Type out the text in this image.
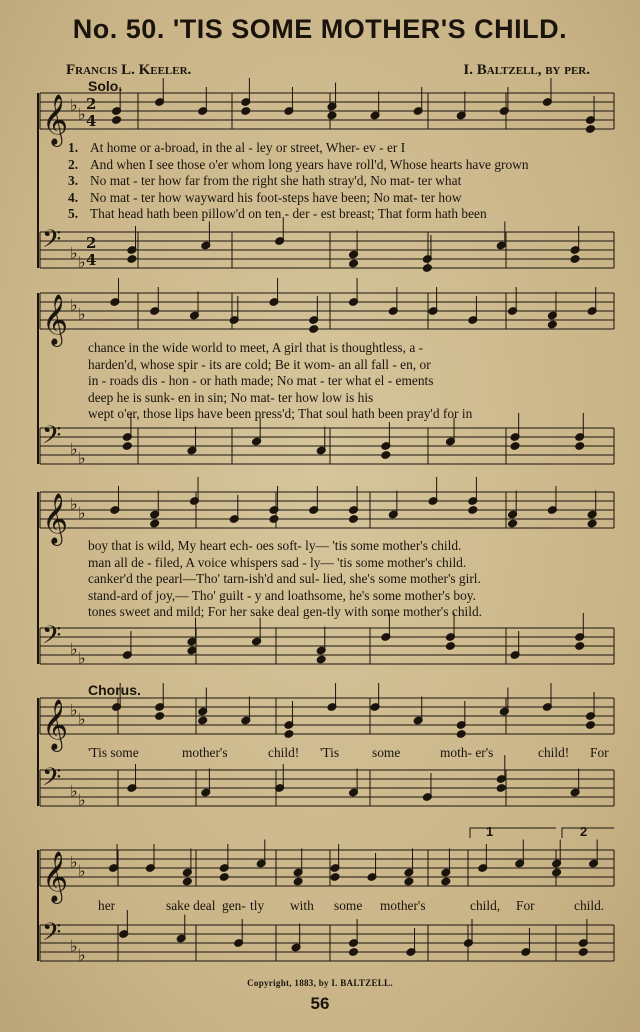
No. 50. 'TIS SOME MOTHER'S CHILD.
Francis L. Keeler.	I. Baltzell, by per.
Solo.
Chorus.
𝄞 ♭ ♭
𝄢 ♭ ♭
𝄞 ♭ ♭
𝄢 ♭ ♭
𝄞 ♭ ♭
𝄢 ♭ ♭
𝄞 ♭ ♭
𝄢 ♭ ♭
𝄞 ♭ ♭
𝄢 ♭ ♭
2
4
2
4
1. At home or a-broad, in the al - ley or street, Wher- ev - er I
2. And when I see those o'er whom long years have roll'd, Whose hearts have grown
3. No mat - ter how far from the right she hath stray'd, No mat- ter what
4. No mat - ter how wayward his foot-steps have been; No mat- ter how
5. That head hath been pillow'd on ten - der - est breast; That form hath been
chance in the wide world to meet, A girl that is thoughtless, a -
harden'd, whose spir - its are cold; Be it wom- an all fall - en, or
in - roads dis - hon - or hath made; No mat - ter what el - ements
deep he is sunk- en in sin; No mat- ter how low is his
wept o'er, those lips have been press'd; That soul hath been pray'd for in
boy that is wild, My heart ech- oes soft- ly— 'tis some mother's child.
man all de - filed, A voice whispers sad - ly— 'tis some mother's child.
canker'd the pearl—Tho' tarn-ish'd and sul- lied, she's some mother's girl.
stand-ard of joy,— Tho' guilt - y and loathsome, he's some mother's boy.
tones sweet and mild; For her sake deal gen-tly with some mother's child.
'Tis some	mother's	child! 'Tis some	moth- er's	child! For
her	sake deal gen- tly with some mother's	child, For	child.
1	2
Copyright, 1883, by I. BALTZELL.
56
